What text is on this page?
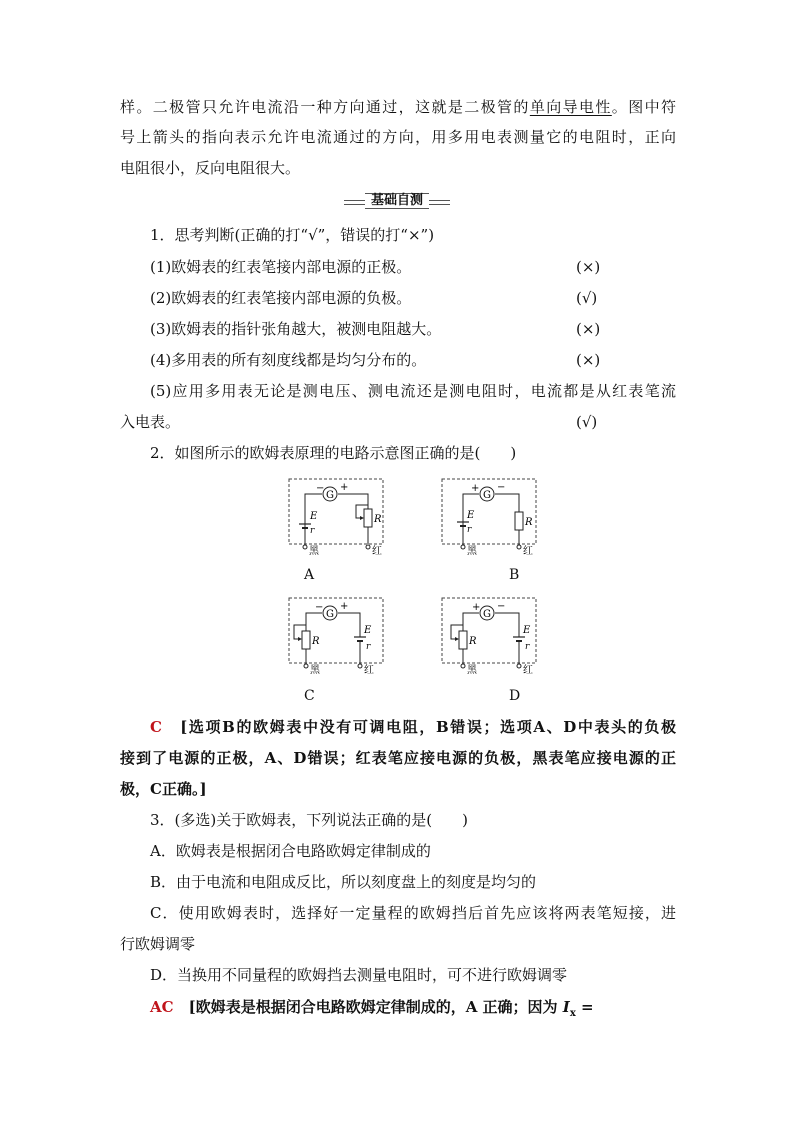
样。二极管只允许电流沿一种方向通过，这就是二极管的单向导电性。图中符
号上箭头的指向表示允许电流通过的方向，用多用电表测量它的电阻时，正向
电阻很小，反向电阻很大。
基础自测
1．思考判断(正确的打“√”，错误的打“×”)
(1)欧姆表的红表笔接内部电源的正极。	(×)
(2)欧姆表的红表笔接内部电源的负极。	(√)
(3)欧姆表的指针张角越大，被测电阻越大。	(×)
(4)多用表的所有刻度线都是均匀分布的。	(×)
(5)应用多用表无论是测电压、测电流还是测电阻时，电流都是从红表笔流
入电表。	(√)
2．如图所示的欧姆表原理的电路示意图正确的是(　　)
G
− +
E
r
R
黑	红
A
G
+ −
E
r
R
黑	红
B
G
− +
R
E
r
黑	红
C
G
+ −
R
E
r
黑	红
D
C　 [选项B的欧姆表中没有可调电阻，B错误；选项A、D中表头的负极
接到了电源的正极，A、D错误；红表笔应接电源的负极，黑表笔应接电源的正
极，C正确。]
3．(多选)关于欧姆表，下列说法正确的是(　　)
A．欧姆表是根据闭合电路欧姆定律制成的
B．由于电流和电阻成反比，所以刻度盘上的刻度是均匀的
C．使用欧姆表时，选择好一定量程的欧姆挡后首先应该将两表笔短接，进
行欧姆调零
D．当换用不同量程的欧姆挡去测量电阻时，可不进行欧姆调零
AC　 [欧姆表是根据闭合电路欧姆定律制成的，A 正确；因为 $I_x$ =
